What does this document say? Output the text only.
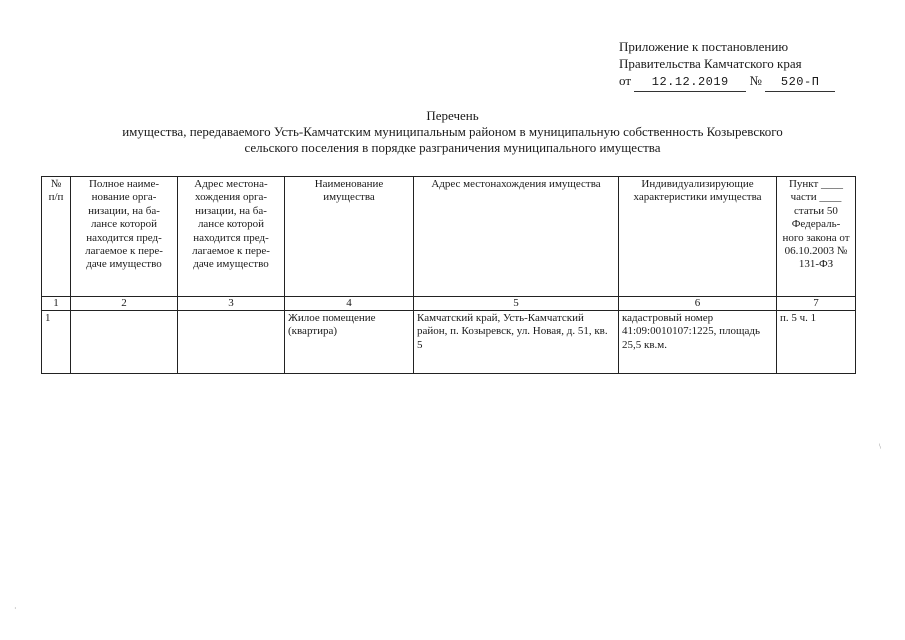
Приложение к постановлению
Правительства Камчатского края
от 12.12.2019 № 520-П
Перечень
имущества, передаваемого Усть-Камчатским муниципальным районом в муниципальную собственность Козыревского
сельского поселения в порядке разграничения муниципального имущества
№ п/п	Полное наиме- нование орга- низации, на ба- лансе которой находится пред- лагаемое к пере- даче имущество	Адрес местона- хождения орга- низации, на ба- лансе которой находится пред- лагаемое к пере- даче имущество	Наименование имущества	Адрес местонахождения имущества	Индивидуализирующие характеристики имущества	Пункт ____ части ____ статьи 50 Федераль- ного закона от 06.10.2003 № 131-ФЗ
1	2	3	4	5	6	7
1			Жилое помещение (квартира)	Камчатский край, Усть-Камчатский район, п. Козыревск, ул. Новая, д. 51, кв. 5	кадастровый номер 41:09:0010107:1225, площадь 25,5 кв.м.	п. 5 ч. 1
﹨
·
